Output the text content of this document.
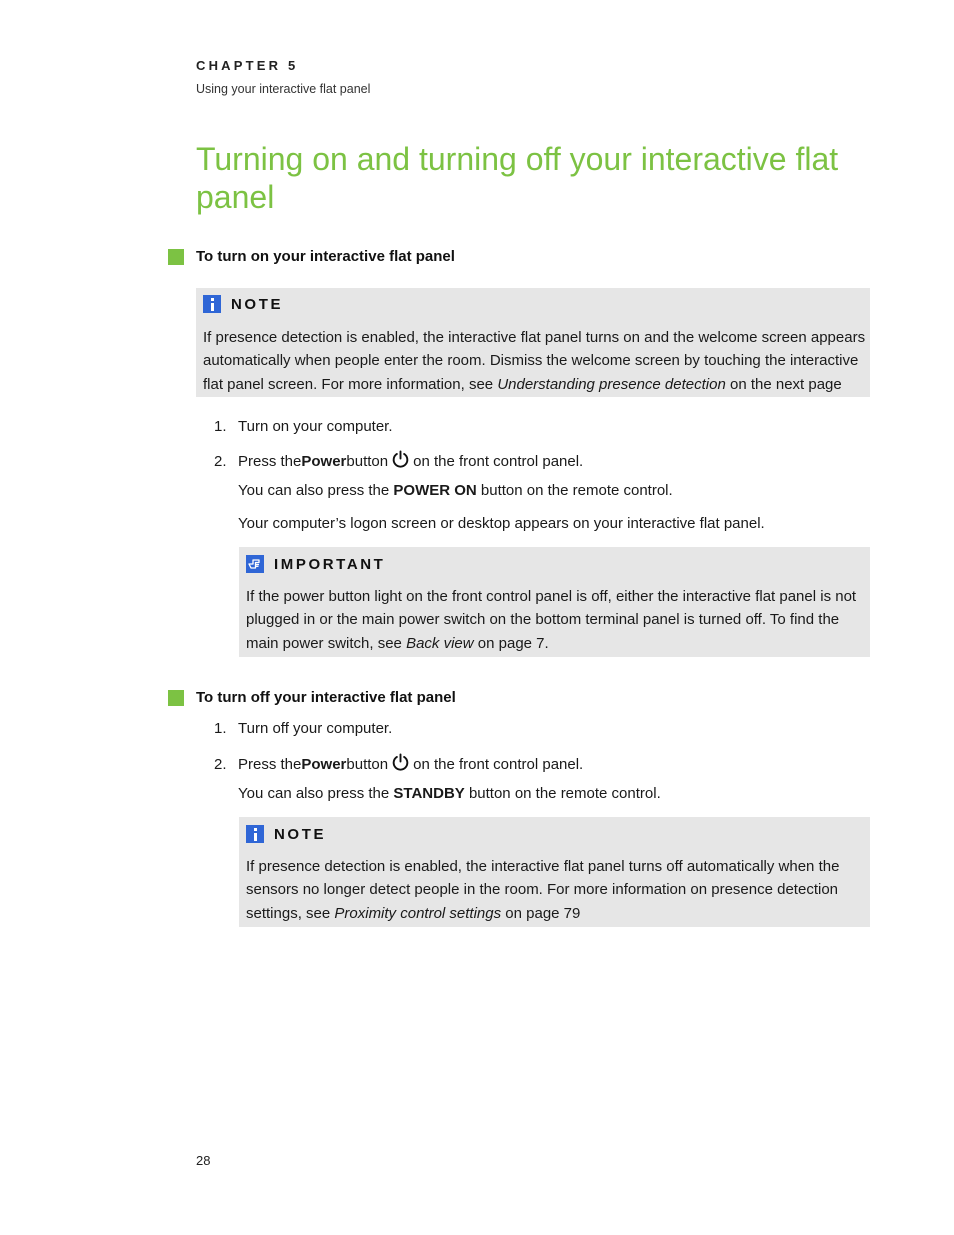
CHAPTER 5
Using your interactive flat panel
Turning on and turning off your interactive flat panel
To turn on your interactive flat panel
NOTE
If presence detection is enabled, the interactive flat panel turns on and the welcome screen appears automatically when people enter the room. Dismiss the welcome screen by touching the interactive flat panel screen. For more information, see Understanding presence detection on the next page
1. Turn on your computer.
2. Press the Power button on the front control panel.
You can also press the POWER ON button on the remote control.
Your computer’s logon screen or desktop appears on your interactive flat panel.
IMPORTANT
If the power button light on the front control panel is off, either the interactive flat panel is not plugged in or the main power switch on the bottom terminal panel is turned off. To find the main power switch, see Back view on page 7.
To turn off your interactive flat panel
1. Turn off your computer.
2. Press the Power button on the front control panel.
You can also press the STANDBY button on the remote control.
NOTE
If presence detection is enabled, the interactive flat panel turns off automatically when the sensors no longer detect people in the room. For more information on presence detection settings, see Proximity control settings on page 79
28
